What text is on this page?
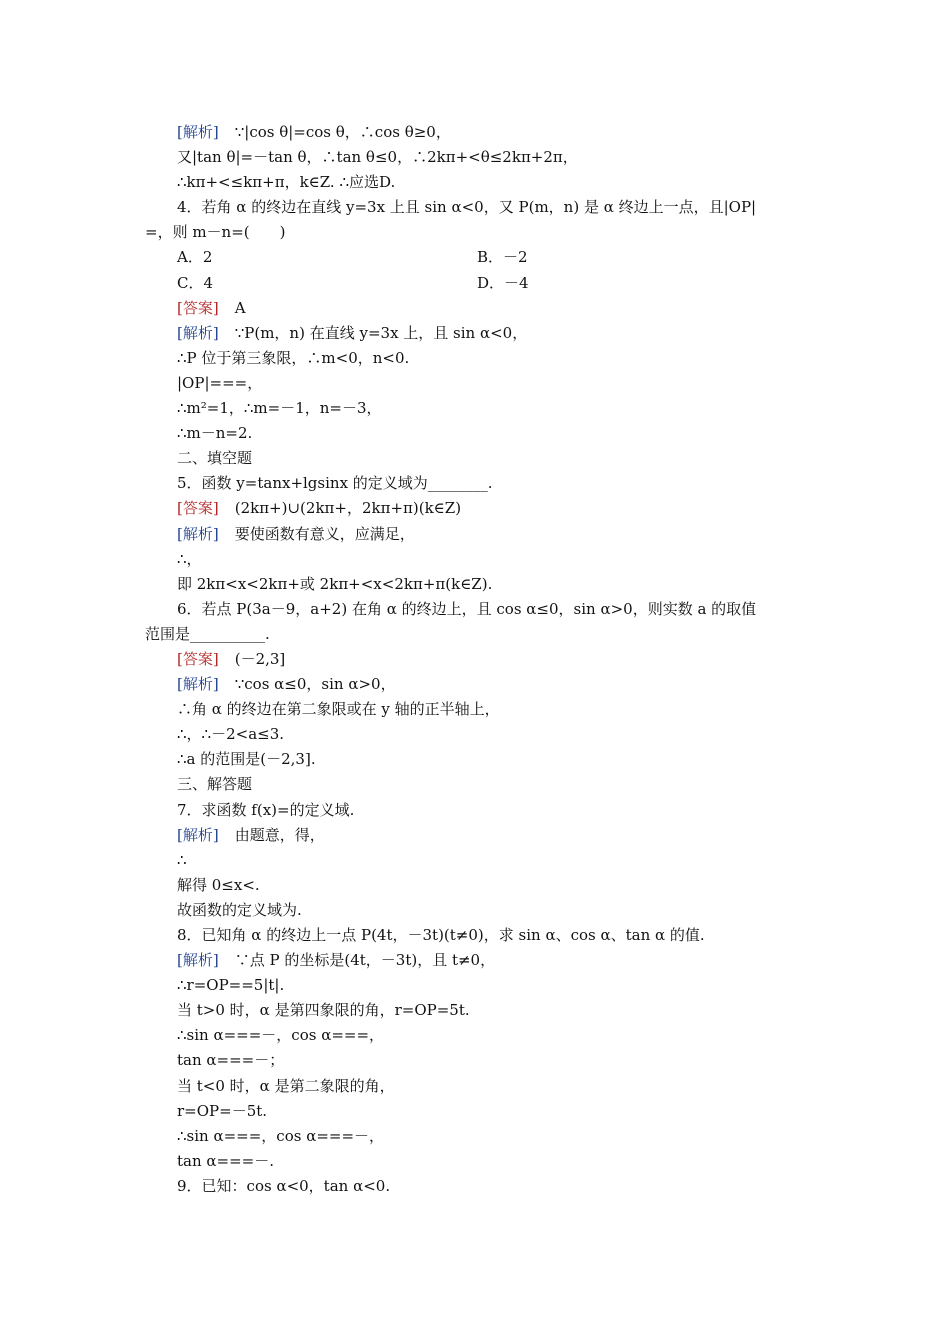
[解析] ∵|cos θ|=cos θ，∴cos θ≥0，
又|tan θ|=－tan θ，∴tan θ≤0，∴2kπ+<θ≤2kπ+2π，
∴kπ+<≤kπ+π，k∈Z. ∴应选D.
4．若角 α 的终边在直线 y=3x 上且 sin α<0，又 P(m，n) 是 α 终边上一点，且|OP|
=，则 m－n=(　　)
A．2	B．－2
C．4	D．－4
[答案] A
[解析] ∵P(m，n) 在直线 y=3x 上，且 sin α<0，
∴P 位于第三象限，∴m<0，n<0.
|OP|===，
∴m²=1，∴m=－1，n=－3，
∴m－n=2.
二、填空题
5．函数 y=tanx+lgsinx 的定义域为________.
[答案] (2kπ+)∪(2kπ+，2kπ+π)(k∈Z)
[解析] 要使函数有意义，应满足，
∴，
即 2kπ<x<2kπ+或 2kπ+<x<2kπ+π(k∈Z).
6．若点 P(3a－9，a+2) 在角 α 的终边上，且 cos α≤0，sin α>0，则实数 a 的取值
范围是__________.
[答案] (－2,3]
[解析] ∵cos α≤0，sin α>0，
∴角 α 的终边在第二象限或在 y 轴的正半轴上，
∴，∴－2<a≤3.
∴a 的范围是(－2,3].
三、解答题
7．求函数 f(x)=的定义域.
[解析] 由题意，得，
∴
解得 0≤x<.
故函数的定义域为.
8．已知角 α 的终边上一点 P(4t，－3t)(t≠0)，求 sin α、cos α、tan α 的值.
[解析] ∵点 P 的坐标是(4t，－3t)，且 t≠0，
∴r=OP==5|t|.
当 t>0 时，α 是第四象限的角，r=OP=5t.
∴sin α===－，cos α===，
tan α===－；
当 t<0 时，α 是第二象限的角，
r=OP=－5t.
∴sin α===，cos α===－，
tan α===－.
9．已知：cos α<0，tan α<0.
